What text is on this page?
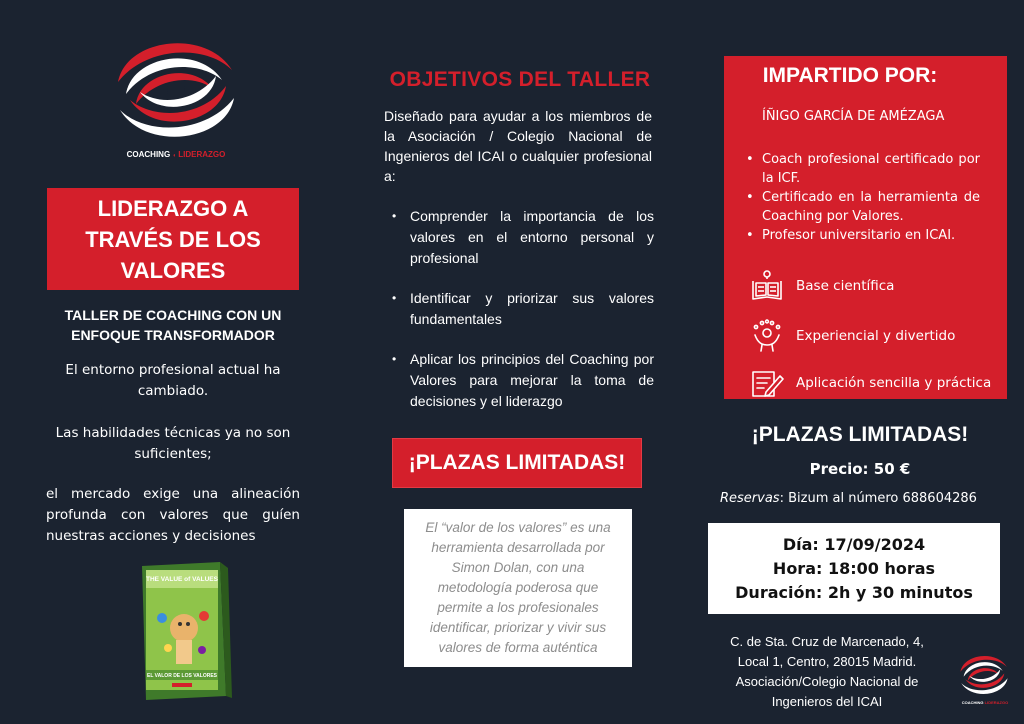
COACHING ◖ LIDERAZGO
LIDERAZGO A TRAVÉS DE LOS VALORES
TALLER DE COACHING CON UN ENFOQUE TRANSFORMADOR
El entorno profesional actual ha cambiado.
Las habilidades técnicas ya no son suficientes;
el mercado exige una alineación profunda con valores que guíen nuestras acciones y decisiones
THE VALUE of VALUES
EL VALOR DE LOS VALORES
OBJETIVOS DEL TALLER
Diseñado para ayudar a los miembros de la Asociación / Colegio Nacional de Ingenieros del ICAI o cualquier profesional a:
• Comprender la importancia de los valores en el entorno personal y profesional
• Identificar y priorizar sus valores fundamentales
• Aplicar los principios del Coaching por Valores para mejorar la toma de decisiones y el liderazgo
¡PLAZAS LIMITADAS!
El “valor de los valores” es una herramienta desarrollada por Simon Dolan, con una metodología poderosa que permite a los profesionales identificar, priorizar y vivir sus valores de forma auténtica
IMPARTIDO POR:
ÍÑIGO GARCÍA DE AMÉZAGA
• Coach profesional certificado por la ICF.
• Certificado en la herramienta de Coaching por Valores.
• Profesor universitario en ICAI.
Base científica
Experiencial y divertido
Aplicación sencilla y práctica
¡PLAZAS LIMITADAS!
Precio: 50 €
Reservas: Bizum al número 688604286
Día: 17/09/2024
Hora: 18:00 horas
Duración: 2h y 30 minutos
C. de Sta. Cruz de Marcenado, 4,
Local 1, Centro, 28015 Madrid.
Asociación/Colegio Nacional de
Ingenieros del ICAI	COACHING LIDERAZGO
